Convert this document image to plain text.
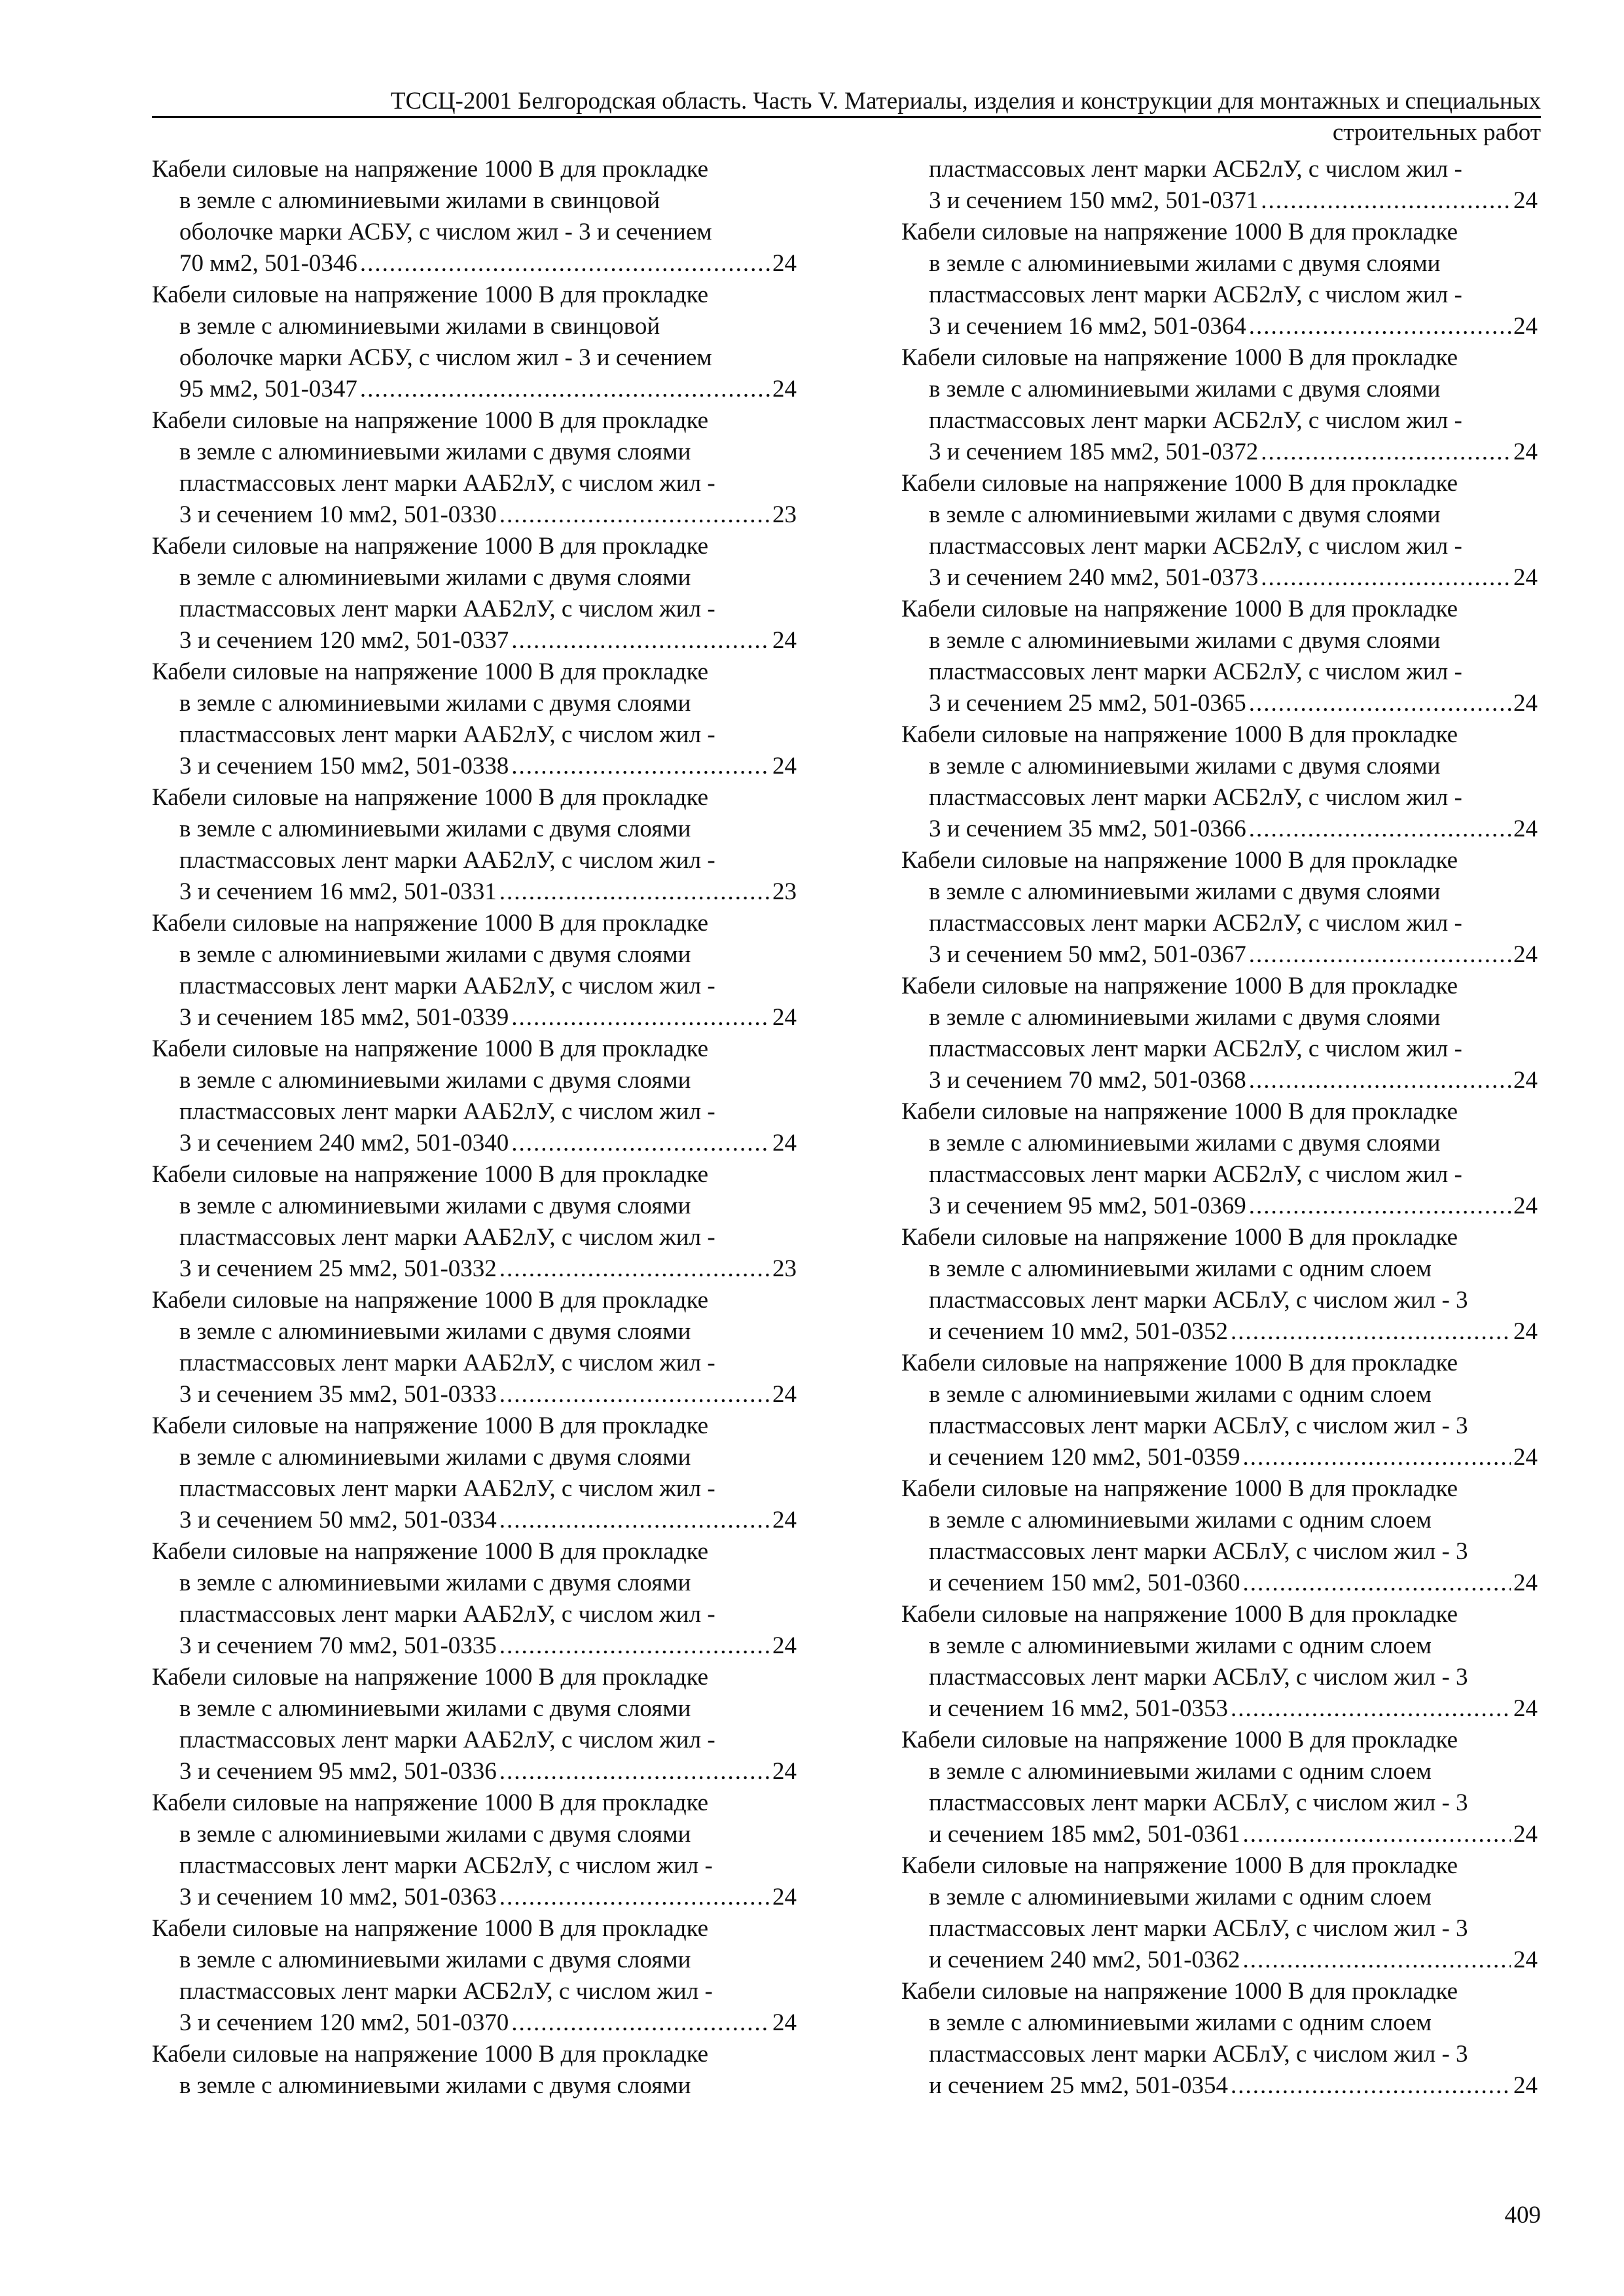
ТССЦ-2001 Белгородская область. Часть V. Материалы, изделия и конструкции для монтажных и специальных
строительных работ
Кабели силовые на напряжение 1000 В для прокладке
в земле с алюминиевыми жилами в свинцовой
оболочке марки АСБУ, с числом жил - 3 и сечением
70 мм2, 501-0346 .....	24
Кабели силовые на напряжение 1000 В для прокладке
в земле с алюминиевыми жилами в свинцовой
оболочке марки АСБУ, с числом жил - 3 и сечением
95 мм2, 501-0347 .....	24
Кабели силовые на напряжение 1000 В для прокладке
в земле с алюминиевыми жилами с двумя слоями
пластмассовых лент марки ААБ2лУ, с числом жил -
3 и сечением 10 мм2, 501-0330 .....	23
Кабели силовые на напряжение 1000 В для прокладке
в земле с алюминиевыми жилами с двумя слоями
пластмассовых лент марки ААБ2лУ, с числом жил -
3 и сечением 120 мм2, 501-0337 .....	24
Кабели силовые на напряжение 1000 В для прокладке
в земле с алюминиевыми жилами с двумя слоями
пластмассовых лент марки ААБ2лУ, с числом жил -
3 и сечением 150 мм2, 501-0338 .....	24
Кабели силовые на напряжение 1000 В для прокладке
в земле с алюминиевыми жилами с двумя слоями
пластмассовых лент марки ААБ2лУ, с числом жил -
3 и сечением 16 мм2, 501-0331 .....	23
Кабели силовые на напряжение 1000 В для прокладке
в земле с алюминиевыми жилами с двумя слоями
пластмассовых лент марки ААБ2лУ, с числом жил -
3 и сечением 185 мм2, 501-0339 .....	24
Кабели силовые на напряжение 1000 В для прокладке
в земле с алюминиевыми жилами с двумя слоями
пластмассовых лент марки ААБ2лУ, с числом жил -
3 и сечением 240 мм2, 501-0340 .....	24
Кабели силовые на напряжение 1000 В для прокладке
в земле с алюминиевыми жилами с двумя слоями
пластмассовых лент марки ААБ2лУ, с числом жил -
3 и сечением 25 мм2, 501-0332 .....	23
Кабели силовые на напряжение 1000 В для прокладке
в земле с алюминиевыми жилами с двумя слоями
пластмассовых лент марки ААБ2лУ, с числом жил -
3 и сечением 35 мм2, 501-0333 .....	24
Кабели силовые на напряжение 1000 В для прокладке
в земле с алюминиевыми жилами с двумя слоями
пластмассовых лент марки ААБ2лУ, с числом жил -
3 и сечением 50 мм2, 501-0334 .....	24
Кабели силовые на напряжение 1000 В для прокладке
в земле с алюминиевыми жилами с двумя слоями
пластмассовых лент марки ААБ2лУ, с числом жил -
3 и сечением 70 мм2, 501-0335 .....	24
Кабели силовые на напряжение 1000 В для прокладке
в земле с алюминиевыми жилами с двумя слоями
пластмассовых лент марки ААБ2лУ, с числом жил -
3 и сечением 95 мм2, 501-0336 .....	24
Кабели силовые на напряжение 1000 В для прокладке
в земле с алюминиевыми жилами с двумя слоями
пластмассовых лент марки АСБ2лУ, с числом жил -
3 и сечением 10 мм2, 501-0363 .....	24
Кабели силовые на напряжение 1000 В для прокладке
в земле с алюминиевыми жилами с двумя слоями
пластмассовых лент марки АСБ2лУ, с числом жил -
3 и сечением 120 мм2, 501-0370 .....	24
Кабели силовые на напряжение 1000 В для прокладке
в земле с алюминиевыми жилами с двумя слоями
пластмассовых лент марки АСБ2лУ, с числом жил -
3 и сечением 150 мм2, 501-0371 .....	24
Кабели силовые на напряжение 1000 В для прокладке
в земле с алюминиевыми жилами с двумя слоями
пластмассовых лент марки АСБ2лУ, с числом жил -
3 и сечением 16 мм2, 501-0364 .....	24
Кабели силовые на напряжение 1000 В для прокладке
в земле с алюминиевыми жилами с двумя слоями
пластмассовых лент марки АСБ2лУ, с числом жил -
3 и сечением 185 мм2, 501-0372 .....	24
Кабели силовые на напряжение 1000 В для прокладке
в земле с алюминиевыми жилами с двумя слоями
пластмассовых лент марки АСБ2лУ, с числом жил -
3 и сечением 240 мм2, 501-0373 .....	24
Кабели силовые на напряжение 1000 В для прокладке
в земле с алюминиевыми жилами с двумя слоями
пластмассовых лент марки АСБ2лУ, с числом жил -
3 и сечением 25 мм2, 501-0365 .....	24
Кабели силовые на напряжение 1000 В для прокладке
в земле с алюминиевыми жилами с двумя слоями
пластмассовых лент марки АСБ2лУ, с числом жил -
3 и сечением 35 мм2, 501-0366 .....	24
Кабели силовые на напряжение 1000 В для прокладке
в земле с алюминиевыми жилами с двумя слоями
пластмассовых лент марки АСБ2лУ, с числом жил -
3 и сечением 50 мм2, 501-0367 .....	24
Кабели силовые на напряжение 1000 В для прокладке
в земле с алюминиевыми жилами с двумя слоями
пластмассовых лент марки АСБ2лУ, с числом жил -
3 и сечением 70 мм2, 501-0368 .....	24
Кабели силовые на напряжение 1000 В для прокладке
в земле с алюминиевыми жилами с двумя слоями
пластмассовых лент марки АСБ2лУ, с числом жил -
3 и сечением 95 мм2, 501-0369 .....	24
Кабели силовые на напряжение 1000 В для прокладке
в земле с алюминиевыми жилами с одним слоем
пластмассовых лент марки АСБлУ, с числом жил - 3
и сечением 10 мм2, 501-0352 .....	24
Кабели силовые на напряжение 1000 В для прокладке
в земле с алюминиевыми жилами с одним слоем
пластмассовых лент марки АСБлУ, с числом жил - 3
и сечением 120 мм2, 501-0359 .....	24
Кабели силовые на напряжение 1000 В для прокладке
в земле с алюминиевыми жилами с одним слоем
пластмассовых лент марки АСБлУ, с числом жил - 3
и сечением 150 мм2, 501-0360 .....	24
Кабели силовые на напряжение 1000 В для прокладке
в земле с алюминиевыми жилами с одним слоем
пластмассовых лент марки АСБлУ, с числом жил - 3
и сечением 16 мм2, 501-0353 .....	24
Кабели силовые на напряжение 1000 В для прокладке
в земле с алюминиевыми жилами с одним слоем
пластмассовых лент марки АСБлУ, с числом жил - 3
и сечением 185 мм2, 501-0361 .....	24
Кабели силовые на напряжение 1000 В для прокладке
в земле с алюминиевыми жилами с одним слоем
пластмассовых лент марки АСБлУ, с числом жил - 3
и сечением 240 мм2, 501-0362 .....	24
Кабели силовые на напряжение 1000 В для прокладке
в земле с алюминиевыми жилами с одним слоем
пластмассовых лент марки АСБлУ, с числом жил - 3
и сечением 25 мм2, 501-0354 .....	24
409
